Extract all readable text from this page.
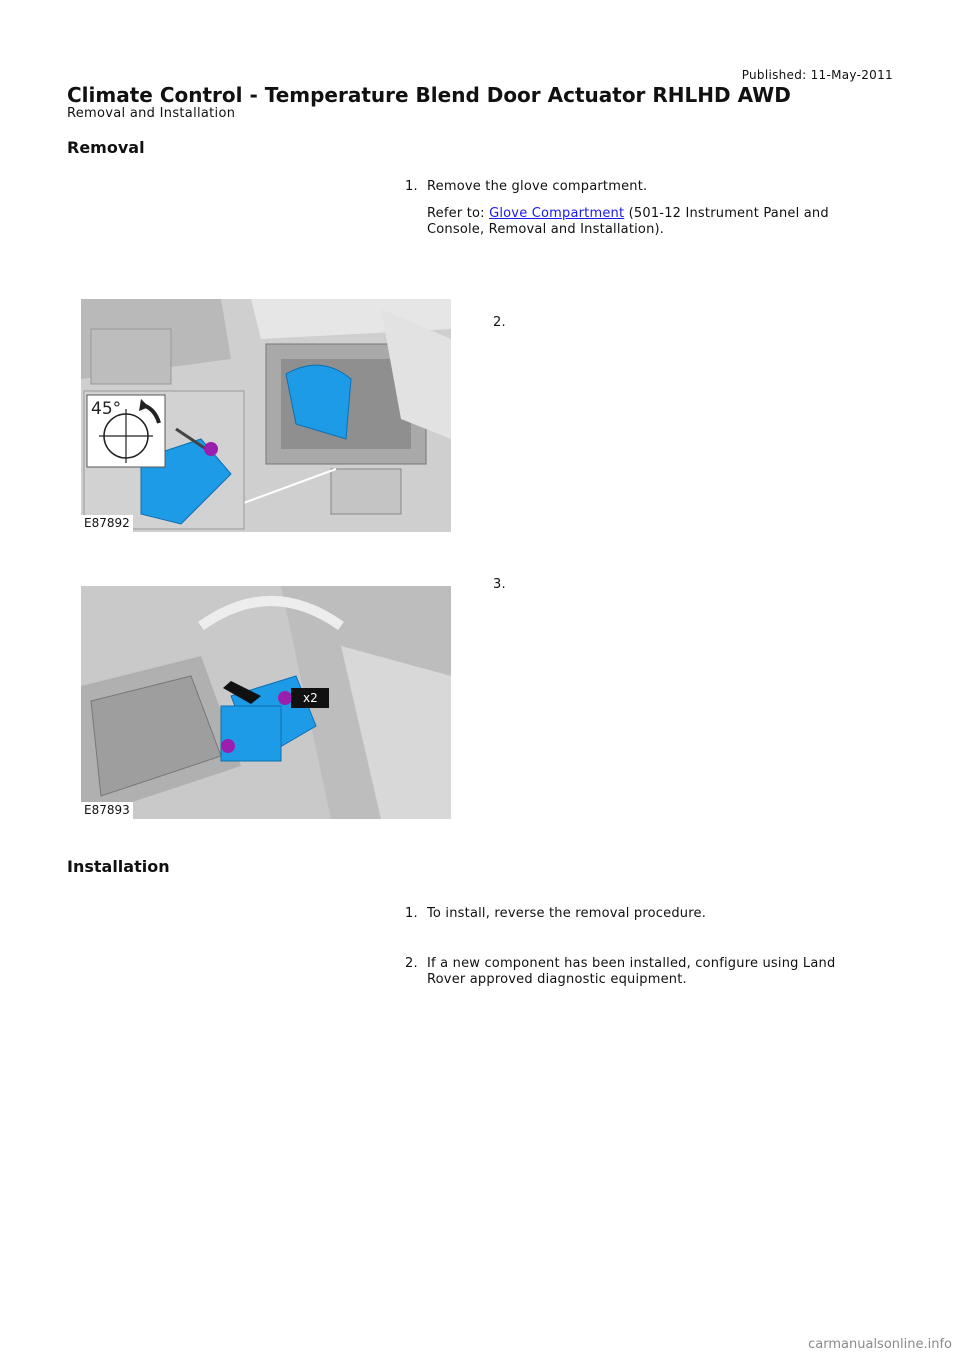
Published: 11-May-2011
Climate Control - Temperature Blend Door Actuator RHLHD AWD
Removal and Installation
Removal
1. Remove the glove compartment.

Refer to: Glove Compartment (501-12 Instrument Panel and Console, Removal and Installation).

2.
45°
E87892
3.
x2
E87893
Installation
1. To install, reverse the removal procedure.

2. If a new component has been installed, configure using Land Rover approved diagnostic equipment.

carmanualsonline.info
